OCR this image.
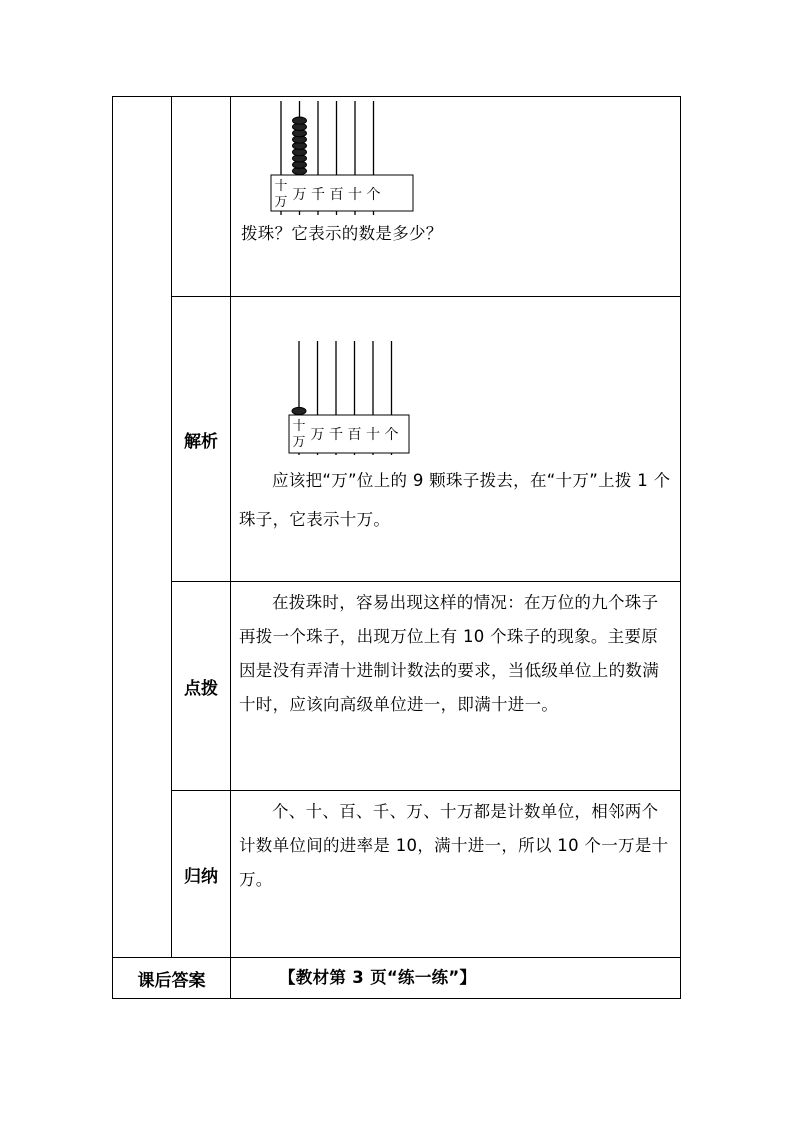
十
万 万 千 百 十 个
拨珠？它表示的数是多少？
解析
十
万 万 千 百 十 个
应该把“万”位上的 9 颗珠子拨去，在“十万”上拨 1 个珠子，它表示十万。
点拨
在拨珠时，容易出现这样的情况：在万位的九个珠子再拨一个珠子，出现万位上有 10 个珠子的现象。主要原因是没有弄清十进制计数法的要求，当低级单位上的数满十时，应该向高级单位进一，即满十进一。
归纳
个、十、百、千、万、十万都是计数单位，相邻两个计数单位间的进率是 10，满十进一，所以 10 个一万是十万。
课后答案	【教材第 3 页“练一练”】
